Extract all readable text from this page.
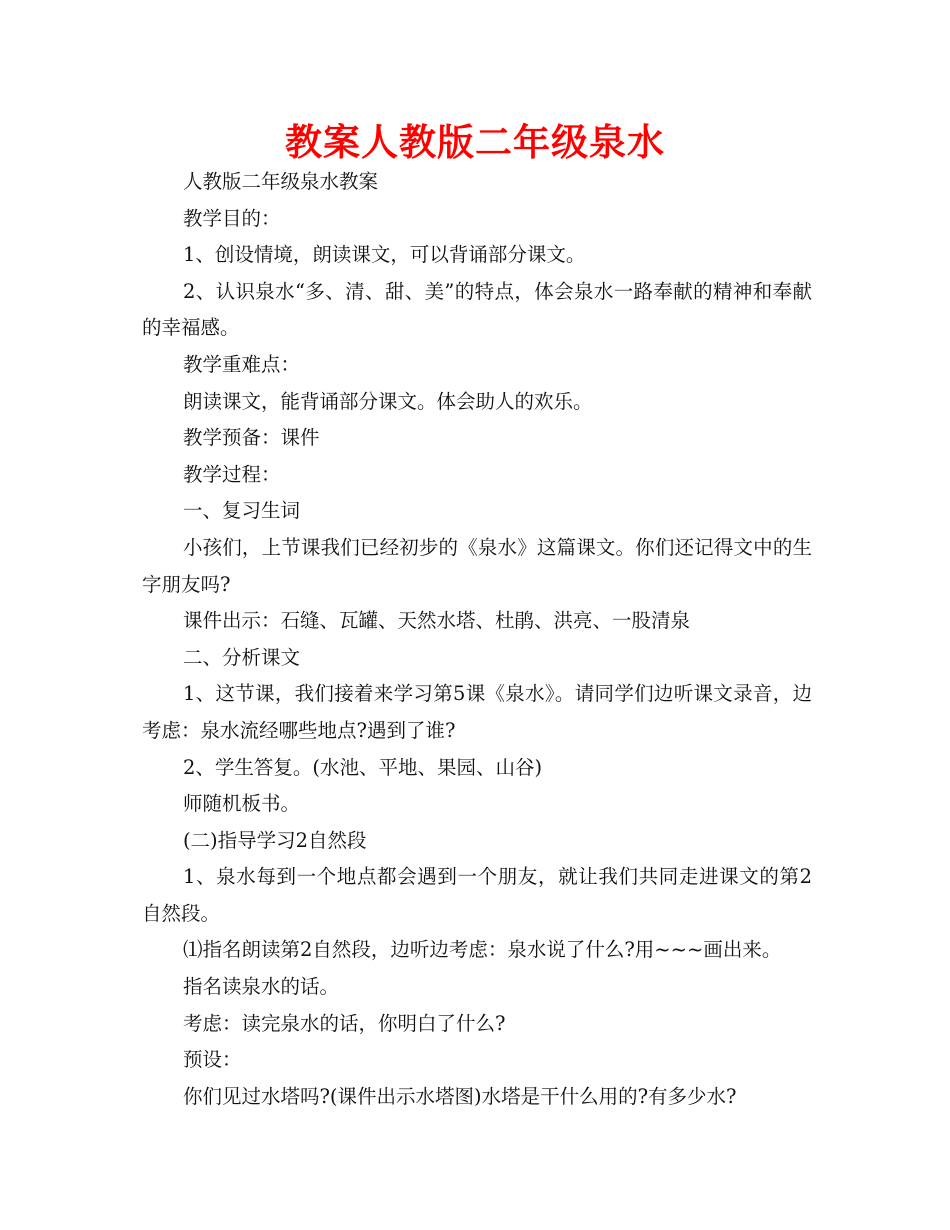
教案人教版二年级泉水

人教版二年级泉水教案

教学目的：

1、创设情境，朗读课文，可以背诵部分课文。

2、认识泉水“多、清、甜、美”的特点，体会泉水一路奉献的精神和奉献的幸福感。

教学重难点：

朗读课文，能背诵部分课文。体会助人的欢乐。

教学预备：课件

教学过程：

一、复习生词

小孩们，上节课我们已经初步的《泉水》这篇课文。你们还记得文中的生字朋友吗?

课件出示：石缝、瓦罐、天然水塔、杜鹃、洪亮、一股清泉

二、分析课文

1、这节课，我们接着来学习第5课《泉水》。请同学们边听课文录音，边考虑：泉水流经哪些地点?遇到了谁?

2、学生答复。(水池、平地、果园、山谷)

师随机板书。

(二)指导学习2自然段

1、泉水每到一个地点都会遇到一个朋友，就让我们共同走进课文的第2自然段。

⑴指名朗读第2自然段，边听边考虑：泉水说了什么?用~~~画出来。

指名读泉水的话。

考虑：读完泉水的话，你明白了什么?

预设：

你们见过水塔吗?(课件出示水塔图)水塔是干什么用的?有多少水?
